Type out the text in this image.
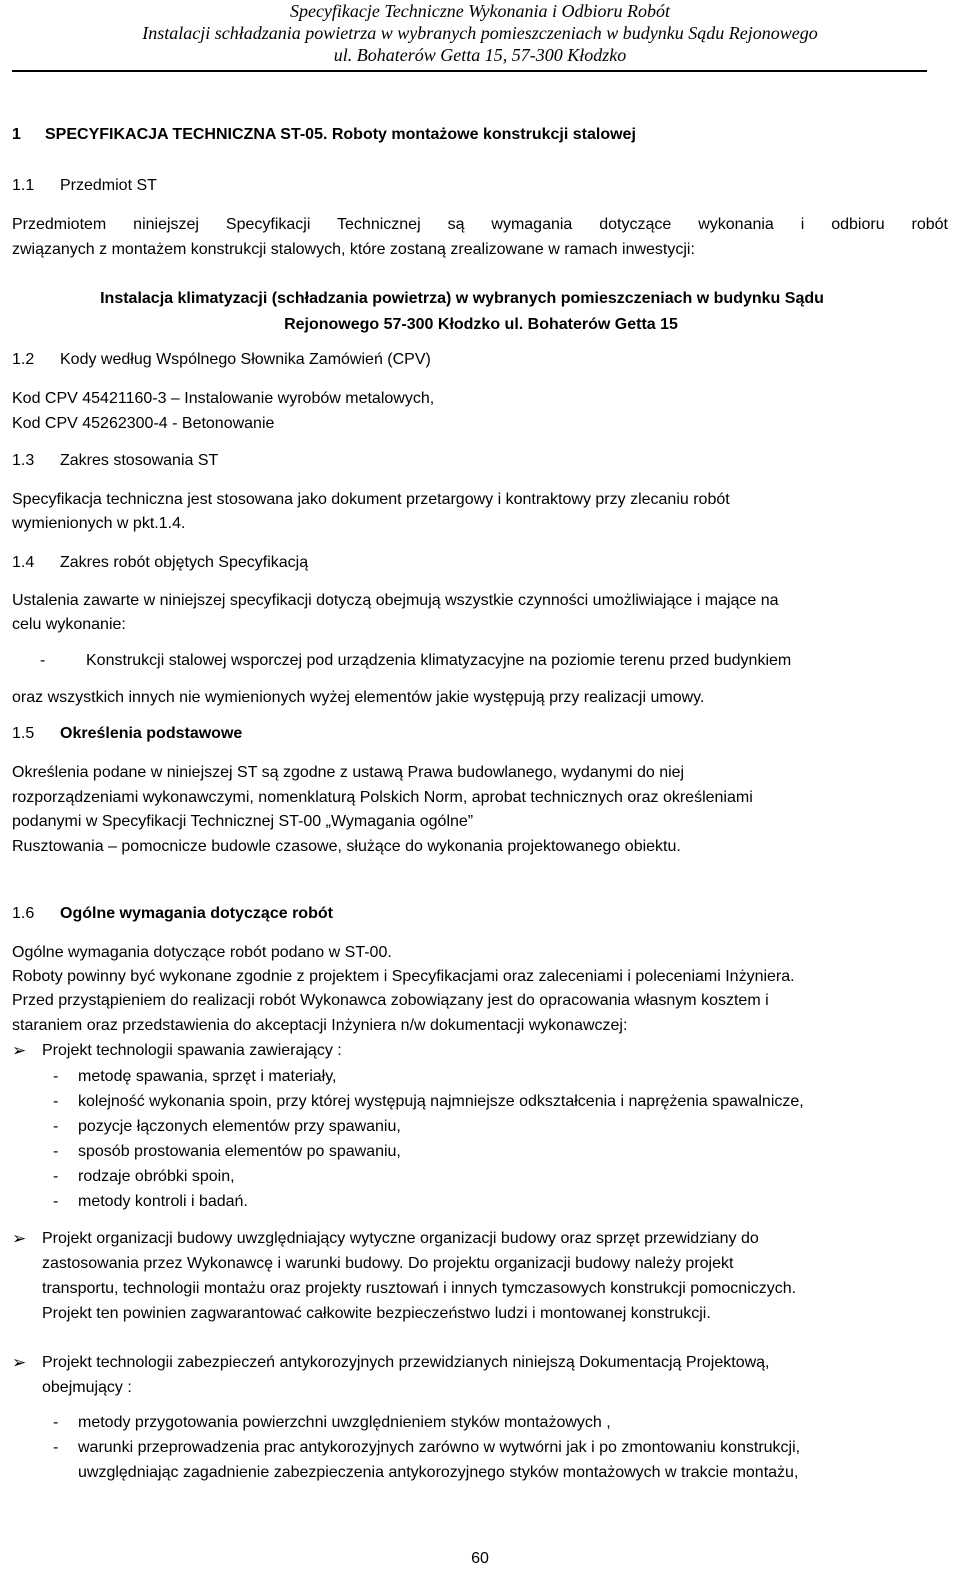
Specyfikacje Techniczne Wykonania i Odbioru Robót
Instalacji schładzania powietrza w wybranych pomieszczeniach w budynku Sądu Rejonowego
ul. Bohaterów Getta 15, 57-300 Kłodzko
1 SPECYFIKACJA TECHNICZNA ST-05. Roboty montażowe konstrukcji stalowej
1.1 Przedmiot ST
Przedmiotem niniejszej Specyfikacji Technicznej są wymagania dotyczące wykonania i odbioru robót
związanych z montażem konstrukcji stalowych, które zostaną zrealizowane w ramach inwestycji:
Instalacja klimatyzacji (schładzania powietrza) w wybranych pomieszczeniach w budynku Sądu
Rejonowego 57-300 Kłodzko ul. Bohaterów Getta 15
1.2 Kody według Wspólnego Słownika Zamówień (CPV)
Kod CPV 45421160-3 – Instalowanie wyrobów metalowych,
Kod CPV 45262300-4 - Betonowanie
1.3 Zakres stosowania ST
Specyfikacja techniczna jest stosowana jako dokument przetargowy i kontraktowy przy zlecaniu robót
wymienionych w pkt.1.4.
1.4 Zakres robót objętych Specyfikacją
Ustalenia zawarte w niniejszej specyfikacji dotyczą obejmują wszystkie czynności umożliwiające i mające na
celu wykonanie:
-	Konstrukcji stalowej wsporczej pod urządzenia klimatyzacyjne na poziomie terenu przed budynkiem
oraz wszystkich innych nie wymienionych wyżej elementów jakie występują przy realizacji umowy.
1.5 Określenia podstawowe
Określenia podane w niniejszej ST są zgodne z ustawą Prawa budowlanego, wydanymi do niej
rozporządzeniami wykonawczymi, nomenklaturą Polskich Norm, aprobat technicznych oraz określeniami
podanymi w Specyfikacji Technicznej ST-00 „Wymagania ogólne”
Rusztowania – pomocnicze budowle czasowe, służące do wykonania projektowanego obiektu.
1.6 Ogólne wymagania dotyczące robót
Ogólne wymagania dotyczące robót podano w ST-00.
Roboty powinny być wykonane zgodnie z projektem i Specyfikacjami oraz zaleceniami i poleceniami Inżyniera.
Przed przystąpieniem do realizacji robót Wykonawca zobowiązany jest do opracowania własnym kosztem i
staraniem oraz przedstawienia do akceptacji Inżyniera n/w dokumentacji wykonawczej:
➢ Projekt technologii spawania zawierający :
- metodę spawania, sprzęt i materiały,
- kolejność wykonania spoin, przy której występują najmniejsze odkształcenia i naprężenia spawalnicze,
- pozycje łączonych elementów przy spawaniu,
- sposób prostowania elementów po spawaniu,
- rodzaje obróbki spoin,
- metody kontroli i badań.
➢ Projekt organizacji budowy uwzględniający wytyczne organizacji budowy oraz sprzęt przewidziany do
zastosowania przez Wykonawcę i warunki budowy. Do projektu organizacji budowy należy projekt
transportu, technologii montażu oraz projekty rusztowań i innych tymczasowych konstrukcji pomocniczych.
Projekt ten powinien zagwarantować całkowite bezpieczeństwo ludzi i montowanej konstrukcji.
➢ Projekt technologii zabezpieczeń antykorozyjnych przewidzianych niniejszą Dokumentacją Projektową,
obejmujący :
- metody przygotowania powierzchni uwzględnieniem styków montażowych ,
- warunki przeprowadzenia prac antykorozyjnych zarówno w wytwórni jak i po zmontowaniu konstrukcji,
uwzględniając zagadnienie zabezpieczenia antykorozyjnego styków montażowych w trakcie montażu,
60
